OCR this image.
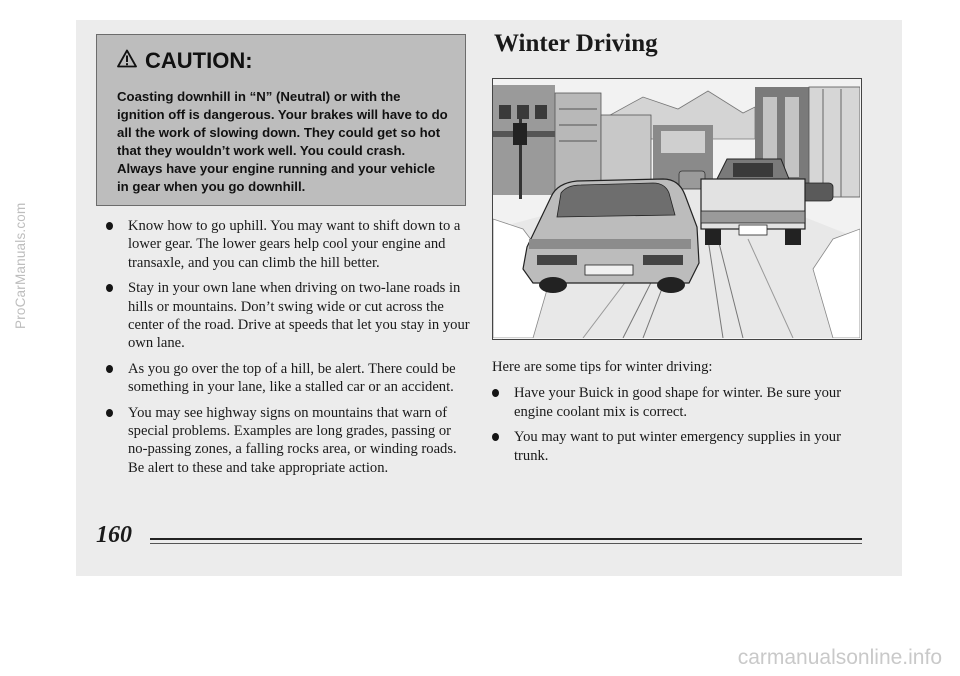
ProCarManuals.com
CAUTION:
Coasting downhill in “N” (Neutral) or with the ignition off is dangerous. Your brakes will have to do all the work of slowing down. They could get so hot that they wouldn’t work well. You could crash. Always have your engine running and your vehicle in gear when you go downhill.
Know how to go uphill. You may want to shift down to a lower gear. The lower gears help cool your engine and transaxle, and you can climb the hill better.
Stay in your own lane when driving on two-lane roads in hills or mountains. Don’t swing wide or cut across the center of the road. Drive at speeds that let you stay in your own lane.
As you go over the top of a hill, be alert. There could be something in your lane, like a stalled car or an accident.
You may see highway signs on mountains that warn of special problems. Examples are long grades, passing or no-passing zones, a falling rocks area, or winding roads. Be alert to these and take appropriate action.
Winter Driving

Here are some tips for winter driving:

Have your Buick in good shape for winter. Be sure your engine coolant mix is correct.
You may want to put winter emergency supplies in your trunk.
160
carmanualsonline.info
